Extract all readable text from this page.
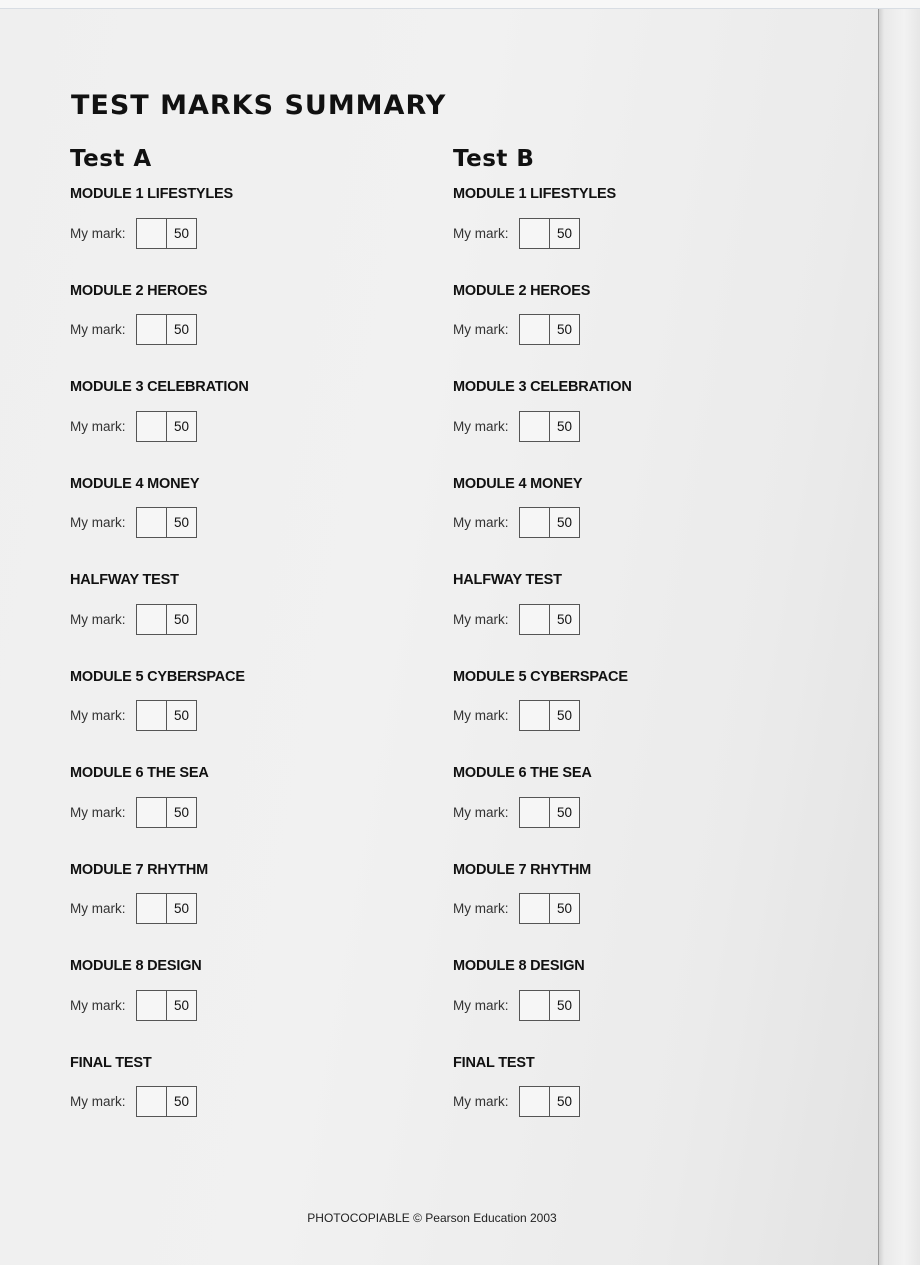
TEST MARKS SUMMARY
Test A
MODULE 1 LIFESTYLES
My mark:	50
MODULE 2 HEROES
My mark:	50
MODULE 3 CELEBRATION
My mark:	50
MODULE 4 MONEY
My mark:	50
HALFWAY TEST
My mark:	50
MODULE 5 CYBERSPACE
My mark:	50
MODULE 6 THE SEA
My mark:	50
MODULE 7 RHYTHM
My mark:	50
MODULE 8 DESIGN
My mark:	50
FINAL TEST
My mark:	50
Test B
MODULE 1 LIFESTYLES
My mark:	50
MODULE 2 HEROES
My mark:	50
MODULE 3 CELEBRATION
My mark:	50
MODULE 4 MONEY
My mark:	50
HALFWAY TEST
My mark:	50
MODULE 5 CYBERSPACE
My mark:	50
MODULE 6 THE SEA
My mark:	50
MODULE 7 RHYTHM
My mark:	50
MODULE 8 DESIGN
My mark:	50
FINAL TEST
My mark:	50
PHOTOCOPIABLE © Pearson Education 2003
